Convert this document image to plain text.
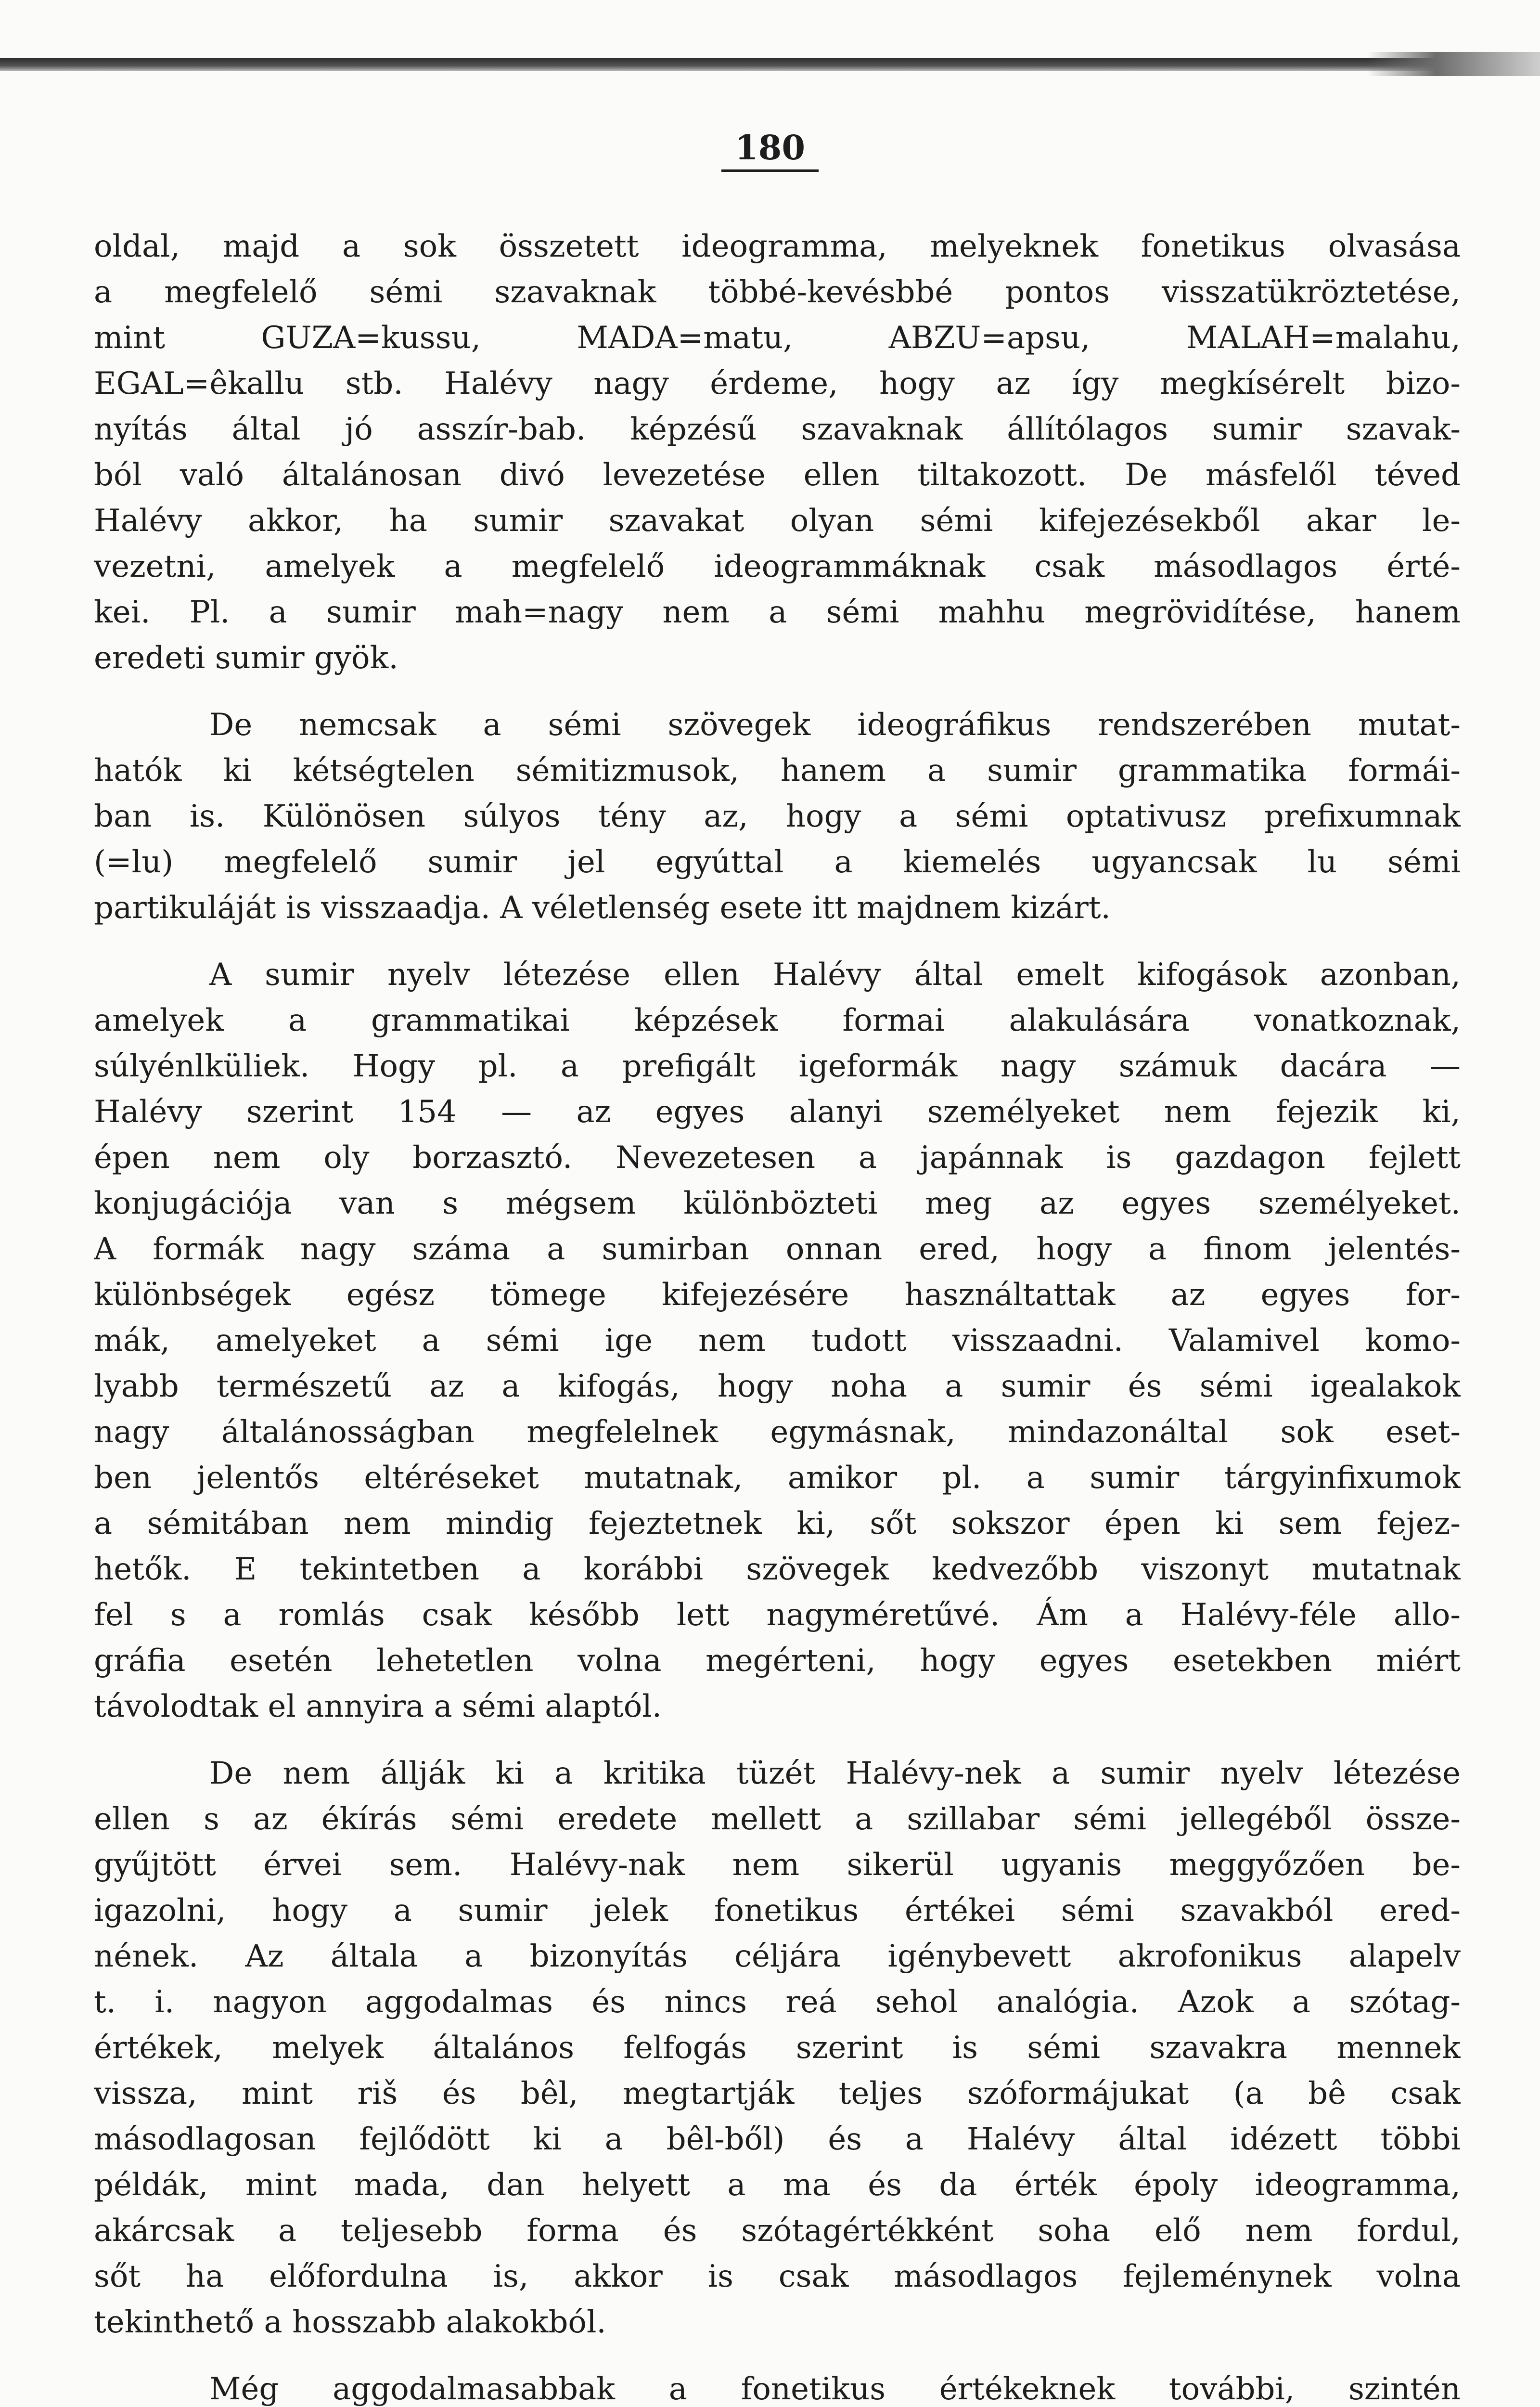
180
oldal, majd a sok összetett ideogramma, melyeknek fonetikus olvasása
a megfelelő sémi szavaknak többé-kevésbbé pontos visszatükröztetése,
mint GUZA=kussu, MADA=matu, ABZU=apsu, MALAH=malahu,
EGAL=êkallu stb. Halévy nagy érdeme, hogy az így megkísérelt bizo-
nyítás által jó asszír-bab. képzésű szavaknak állítólagos sumir szavak-
ból való általánosan divó levezetése ellen tiltakozott. De másfelől téved
Halévy akkor, ha sumir szavakat olyan sémi kifejezésekből akar le-
vezetni, amelyek a megfelelő ideogrammáknak csak másodlagos érté-
kei. Pl. a sumir mah=nagy nem a sémi mahhu megrövidítése, hanem
eredeti sumir gyök.
De nemcsak a sémi szövegek ideográfikus rendszerében mutat-
hatók ki kétségtelen sémitizmusok, hanem a sumir grammatika formái-
ban is. Különösen súlyos tény az, hogy a sémi optativusz prefixumnak
(=lu) megfelelő sumir jel egyúttal a kiemelés ugyancsak lu sémi
partikuláját is visszaadja. A véletlenség esete itt majdnem kizárt.
A sumir nyelv létezése ellen Halévy által emelt kifogások azonban,
amelyek a grammatikai képzések formai alakulására vonatkoznak,
súlyénlküliek. Hogy pl. a prefigált igeformák nagy számuk dacára —
Halévy szerint 154 — az egyes alanyi személyeket nem fejezik ki,
épen nem oly borzasztó. Nevezetesen a japánnak is gazdagon fejlett
konjugációja van s mégsem különbözteti meg az egyes személyeket.
A formák nagy száma a sumirban onnan ered, hogy a finom jelentés-
különbségek egész tömege kifejezésére használtattak az egyes for-
mák, amelyeket a sémi ige nem tudott visszaadni. Valamivel komo-
lyabb természetű az a kifogás, hogy noha a sumir és sémi igealakok
nagy általánosságban megfelelnek egymásnak, mindazonáltal sok eset-
ben jelentős eltéréseket mutatnak, amikor pl. a sumir tárgyinfixumok
a sémitában nem mindig fejeztetnek ki, sőt sokszor épen ki sem fejez-
hetők. E tekintetben a korábbi szövegek kedvezőbb viszonyt mutatnak
fel s a romlás csak később lett nagyméretűvé. Ám a Halévy-féle allo-
gráfia esetén lehetetlen volna megérteni, hogy egyes esetekben miért
távolodtak el annyira a sémi alaptól.
De nem állják ki a kritika tüzét Halévy-nek a sumir nyelv létezése
ellen s az ékírás sémi eredete mellett a szillabar sémi jellegéből össze-
gyűjtött érvei sem. Halévy-nak nem sikerül ugyanis meggyőzően be-
igazolni, hogy a sumir jelek fonetikus értékei sémi szavakból ered-
nének. Az általa a bizonyítás céljára igénybevett akrofonikus alapelv
t. i. nagyon aggodalmas és nincs reá sehol analógia. Azok a szótag-
értékek, melyek általános felfogás szerint is sémi szavakra mennek
vissza, mint riš és bêl, megtartják teljes szóformájukat (a bê csak
másodlagosan fejlődött ki a bêl-ből) és a Halévy által idézett többi
példák, mint mada, dan helyett a ma és da érték époly ideogramma,
akárcsak a teljesebb forma és szótagértékként soha elő nem fordul,
sőt ha előfordulna is, akkor is csak másodlagos fejleménynek volna
tekinthető a hosszabb alakokból.
Még aggodalmasabbak a fonetikus értékeknek további, szintén
